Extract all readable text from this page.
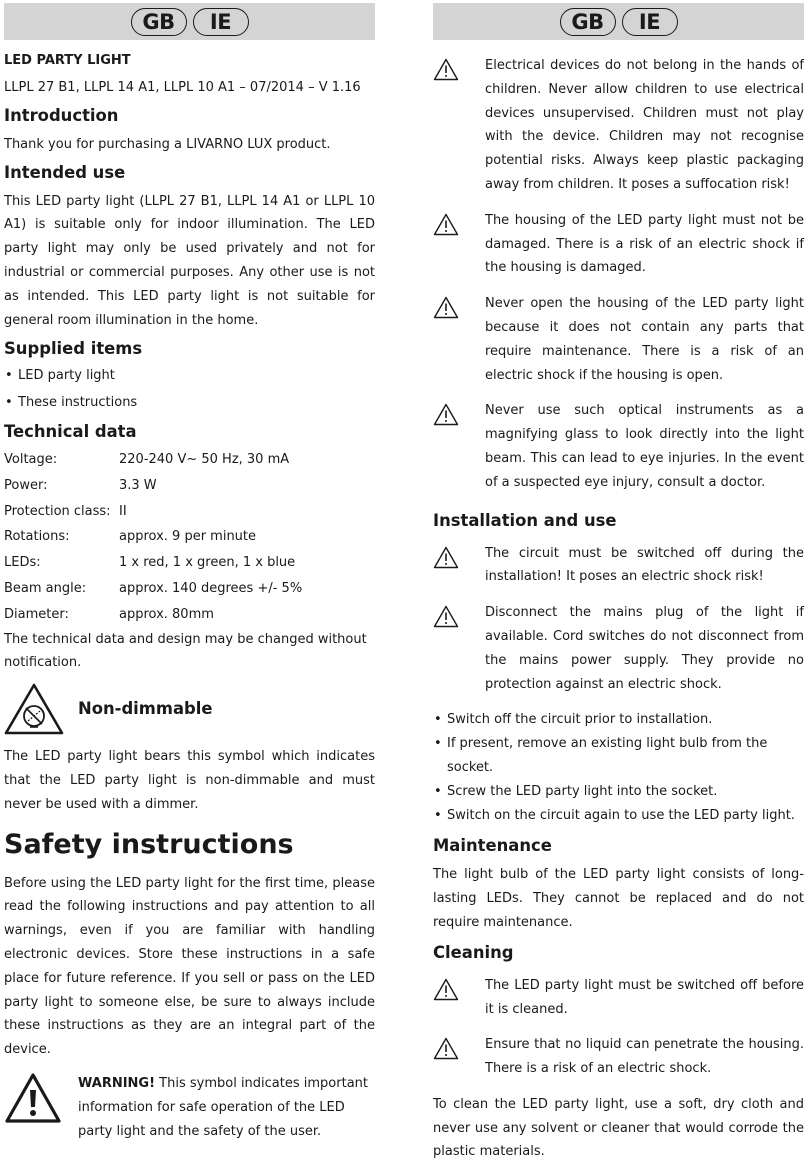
GB	IE

LED PARTY LIGHT

LLPL 27 B1, LLPL 14 A1, LLPL 10 A1 – 07/2014 – V 1.16

Introduction

Thank you for purchasing a LIVARNO LUX product.

Intended use

This LED party light (LLPL 27 B1, LLPL 14 A1 or LLPL 10 A1) is suitable only for indoor illumination. The LED party light may only be used privately and not for industrial or commercial purposes. Any other use is not as intended. This LED party light is not suitable for general room illumination in the home.

Supplied items
• LED party light
• These instructions
Technical data
Voltage:	220-240 V~ 50 Hz, 30 mA
Power:	3.3 W
Protection class: II
Rotations:	approx. 9 per minute
LEDs:	1 x red, 1 x green, 1 x blue
Beam angle:	approx. 140 degrees +/- 5%
Diameter:	approx. 80mm

The technical data and design may be changed without notification.

Non-dimmable

The LED party light bears this symbol which indicates that the LED party light is non-dimmable and must never be used with a dimmer.

Safety instructions

Before using the LED party light for the first time, please read the following instructions and pay attention to all warnings, even if you are familiar with handling electronic devices. Store these instructions in a safe place for future reference. If you sell or pass on the LED party light to someone else, be sure to always include these instructions as they are an integral part of the device.

WARNING! This symbol indicates important information for safe operation of the LED party light and the safety of the user.

GB	IE

Electrical devices do not belong in the hands of children. Never allow children to use electrical devices unsupervised. Children must not play with the device. Children may not recognise potential risks. Always keep plastic packaging away from children. It poses a suffocation risk!

The housing of the LED party light must not be damaged. There is a risk of an electric shock if the housing is damaged.

Never open the housing of the LED party light because it does not contain any parts that require maintenance. There is a risk of an electric shock if the housing is open.

Never use such optical instruments as a magnifying glass to look directly into the light beam. This can lead to eye injuries. In the event of a suspected eye injury, consult a doctor.

Installation and use

The circuit must be switched off during the installation! It poses an electric shock risk!

Disconnect the mains plug of the light if available. Cord switches do not disconnect from the mains power supply. They provide no protection against an electric shock.

• Switch off the circuit prior to installation.
• If present, remove an existing light bulb from the socket.
• Screw the LED party light into the socket.
• Switch on the circuit again to use the LED party light.
Maintenance

The light bulb of the LED party light consists of long-lasting LEDs. They cannot be replaced and do not require maintenance.

Cleaning

The LED party light must be switched off before it is cleaned.

Ensure that no liquid can penetrate the housing. There is a risk of an electric shock.

To clean the LED party light, use a soft, dry cloth and never use any solvent or cleaner that would corrode the plastic materials.
